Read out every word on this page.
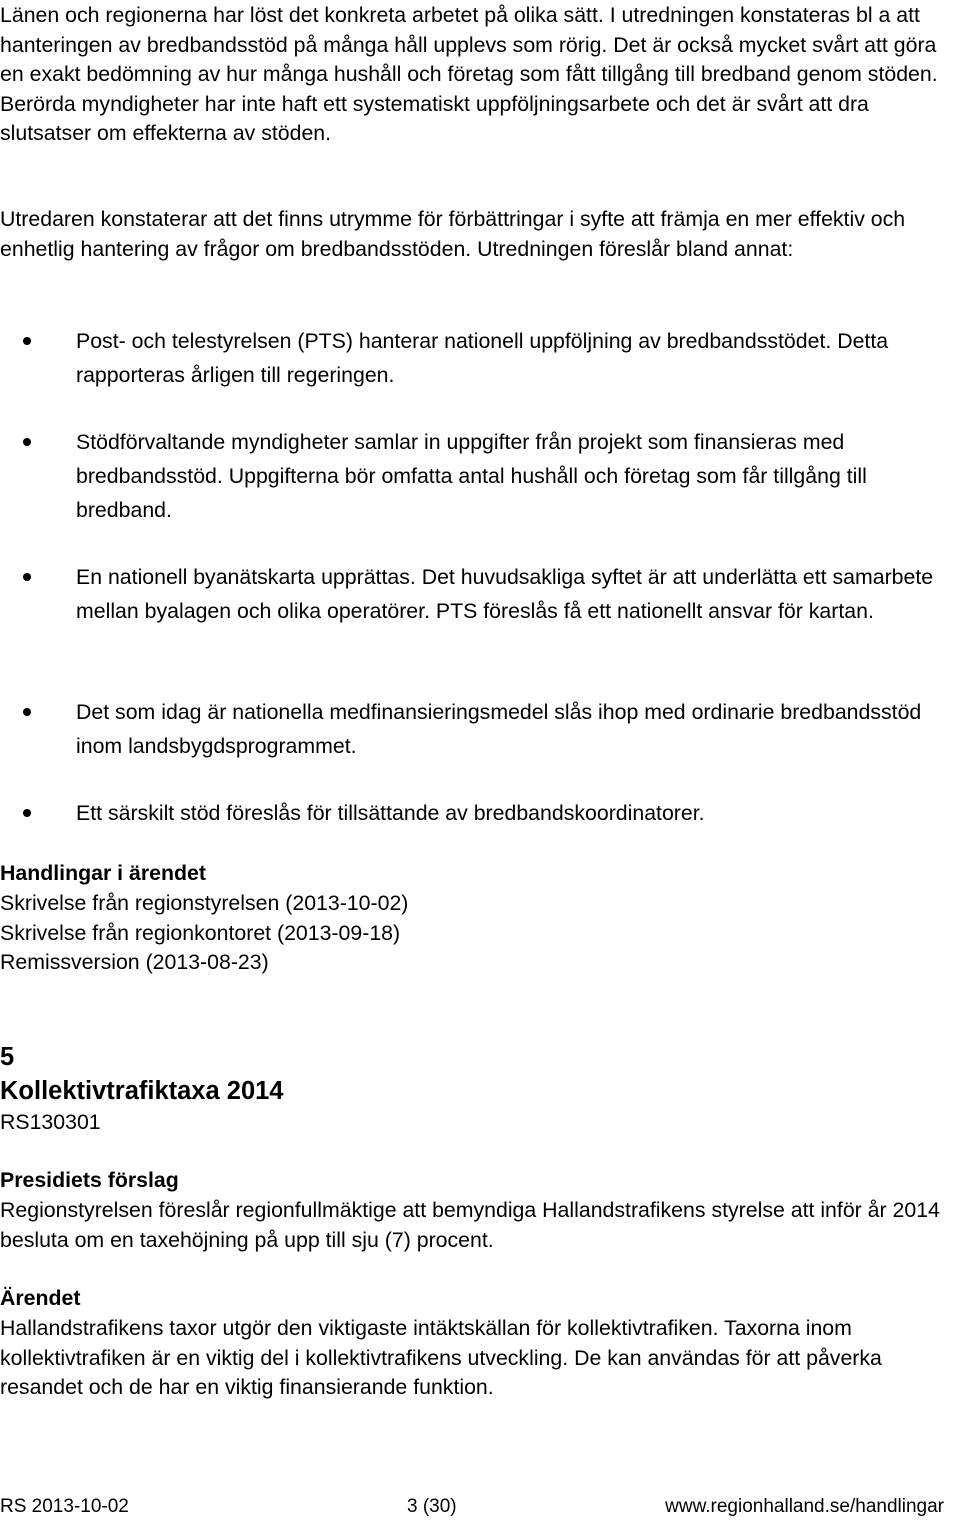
Länen och regionerna har löst det konkreta arbetet på olika sätt. I utredningen konstateras bl a att hanteringen av bredbandsstöd på många håll upplevs som rörig. Det är också mycket svårt att göra en exakt bedömning av hur många hushåll och företag som fått tillgång till bredband genom stöden. Berörda myndigheter har inte haft ett systematiskt uppföljningsarbete och det är svårt att dra slutsatser om effekterna av stöden.

Utredaren konstaterar att det finns utrymme för förbättringar i syfte att främja en mer effektiv och enhetlig hantering av frågor om bredbandsstöden. Utredningen föreslår bland annat:

Post- och telestyrelsen (PTS) hanterar nationell uppföljning av bredbandsstödet. Detta rapporteras årligen till regeringen.

Stödförvaltande myndigheter samlar in uppgifter från projekt som finansieras med bredbandsstöd. Uppgifterna bör omfatta antal hushåll och företag som får tillgång till bredband.

En nationell byanätskarta upprättas. Det huvudsakliga syftet är att underlätta ett samarbete mellan byalagen och olika operatörer. PTS föreslås få ett nationellt ansvar för kartan.

Det som idag är nationella medfinansieringsmedel slås ihop med ordinarie bredbandsstöd inom landsbygdsprogrammet.

Ett särskilt stöd föreslås för tillsättande av bredbandskoordinatorer.

Handlingar i ärendet

Skrivelse från regionstyrelsen (2013-10-02)

Skrivelse från regionkontoret (2013-09-18)

Remissversion (2013-08-23)

5
Kollektivtrafiktaxa 2014

RS130301

Presidiets förslag

Regionstyrelsen föreslår regionfullmäktige att bemyndiga Hallandstrafikens styrelse att inför år 2014 besluta om en taxehöjning på upp till sju (7) procent.

Ärendet

Hallandstrafikens taxor utgör den viktigaste intäktskällan för kollektivtrafiken. Taxorna inom kollektivtrafiken är en viktig del i kollektivtrafikens utveckling. De kan användas för att påverka resandet och de har en viktig finansierande funktion.

RS 2013-10-02	3 (30)	www.regionhalland.se/handlingar
